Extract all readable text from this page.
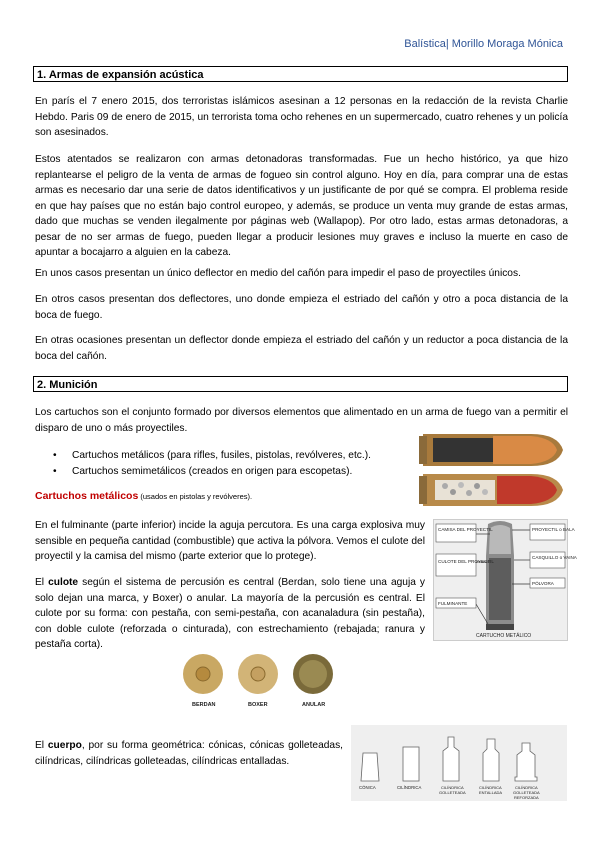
Balística| Morillo Moraga Mónica
1. Armas de expansión acústica
En parís el 7 enero 2015, dos terroristas islámicos asesinan a 12 personas en la redacción de la revista Charlie Hebdo. Paris 09 de enero de 2015, un terrorista toma ocho rehenes en un supermercado, cuatro rehenes y un policía son asesinados.
Estos atentados se realizaron con armas detonadoras transformadas. Fue un hecho histórico, ya que hizo replantearse el peligro de la venta de armas de fogueo sin control alguno. Hoy en día, para comprar una de estas armas es necesario dar una serie de datos identificativos y un justificante de por qué se compra. El problema reside en que hay países que no están bajo control europeo, y además, se produce un venta muy grande de estas armas, dado que muchas se venden ilegalmente por páginas web (Wallapop). Por otro lado, estas armas detonadoras, a pesar de no ser armas de fuego, pueden llegar a producir lesiones muy graves e incluso la muerte en caso de apuntar a bocajarro a alguien en la cabeza.
En unos casos presentan un único deflector en medio del cañón para impedir el paso de proyectiles únicos.
En otros casos presentan dos deflectores, uno donde empieza el estriado del cañón y otro a poca distancia de la boca de fuego.
En otras ocasiones presentan un deflector donde empieza el estriado del cañón y un reductor a poca distancia de la boca del cañón.
2. Munición
Los cartuchos son el conjunto formado por diversos elementos que alimentado en un arma de fuego van a permitir el disparo de uno o más proyectiles.
• Cartuchos metálicos (para rifles, fusiles, pistolas, revólveres, etc.).
• Cartuchos semimetálicos (creados en origen para escopetas).
Cartuchos metálicos (usados en pistolas y revólveres).
En el fulminante (parte inferior) incide la aguja percutora. Es una carga explosiva muy sensible en pequeña cantidad (combustible) que activa la pólvora. Vemos el culote del proyectil y la camisa del mismo (parte exterior que lo protege).
El culote según el sistema de percusión es central (Berdan, solo tiene una aguja y solo dejan una marca, y Boxer) o anular. La mayoría de la percusión es central. El culote por su forma: con pestaña, con semi-pestaña, con acanaladura (sin pestaña), con doble culote (reforzada o cinturada), con estrechamiento (rebajada; ranura y pestaña corta).
El cuerpo, por su forma geométrica: cónicas, cónicas golleteadas, cilíndricas, cilíndricas golleteadas, cilíndricas entalladas.
CAMISA DEL PROYECTIL
CULOTE DEL PROYECTIL
FULMINANTE
PROYECTIL o BALA
CASQUILLO o VAINA
PÓLVORA
CARTUCHO METÁLICO
BERDAN	BOXER	ANULAR
CÓNICA	CILÍNDRICA	CILÍNDRICA GOLLETEADA
CILÍNDRICA ENTALLADA
CILÍNDRICA GOLLETEADA REFORZADA
